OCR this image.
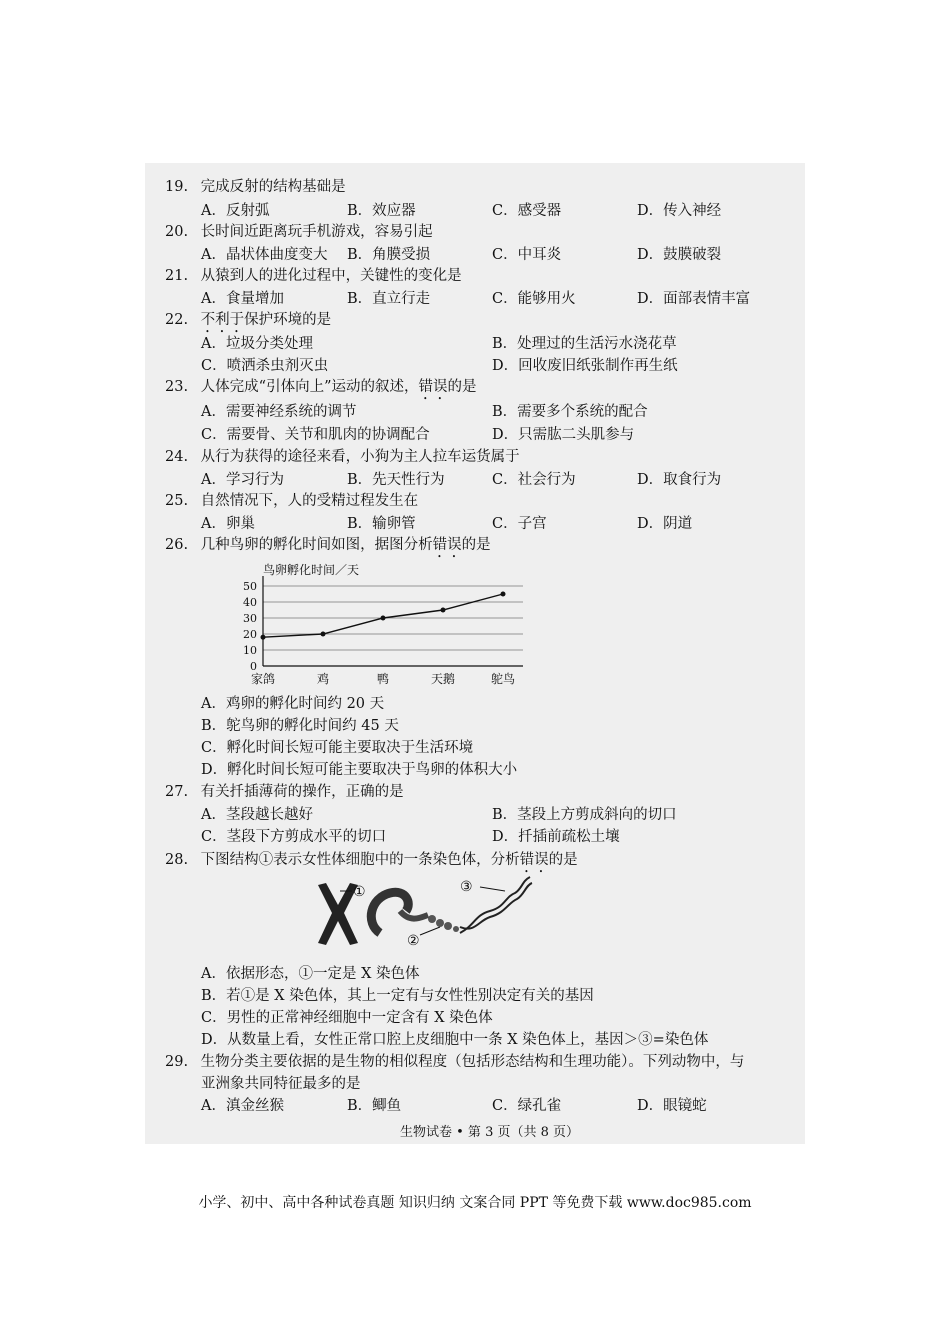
19. 完成反射的结构基础是
A．反射弧	B．效应器	C．感受器	D．传入神经
20. 长时间近距离玩手机游戏，容易引起
A．晶状体曲度变大 B．角膜受损	C．中耳炎	D．鼓膜破裂
21. 从猿到人的进化过程中，关键性的变化是
A．食量增加	B．直立行走	C．能够用火	D．面部表情丰富
22. 不利于保护环境的是
A．垃圾分类处理	B．处理过的生活污水浇花草
C．喷洒杀虫剂灭虫	D．回收废旧纸张制作再生纸
23. 人体完成“引体向上”运动的叙述，错误的是
A．需要神经系统的调节	B．需要多个系统的配合
C．需要骨、关节和肌肉的协调配合	D．只需肱二头肌参与
24. 从行为获得的途径来看，小狗为主人拉车运货属于
A．学习行为	B．先天性行为	C．社会行为	D．取食行为
25. 自然情况下，人的受精过程发生在
A．卵巢	B．输卵管	C．子宫	D．阴道
26. 几种鸟卵的孵化时间如图，据图分析错误的是
鸟卵孵化时间／天
0
10
20
30
40
50
家鸽	鸡	鸭	天鹅	鸵鸟
A．鸡卵的孵化时间约 20 天
B．鸵鸟卵的孵化时间约 45 天
C．孵化时间长短可能主要取决于生活环境
D．孵化时间长短可能主要取决于鸟卵的体积大小
27. 有关扦插薄荷的操作，正确的是
A．茎段越长越好	B．茎段上方剪成斜向的切口
C．茎段下方剪成水平的切口	D．扦插前疏松土壤
28. 下图结构①表示女性体细胞中的一条染色体，分析错误的是
①
②
③
A．依据形态，①一定是 X 染色体
B．若①是 X 染色体，其上一定有与女性性别决定有关的基因
C．男性的正常神经细胞中一定含有 X 染色体
D．从数量上看，女性正常口腔上皮细胞中一条 X 染色体上，基因＞③=染色体
29. 生物分类主要依据的是生物的相似程度（包括形态结构和生理功能）。下列动物中，与
亚洲象共同特征最多的是
A．滇金丝猴	B．鲫鱼	C．绿孔雀	D．眼镜蛇
生物试卷 • 第 3 页（共 8 页）
小学、初中、高中各种试卷真题 知识归纳 文案合同 PPT 等免费下载 www.doc985.com
